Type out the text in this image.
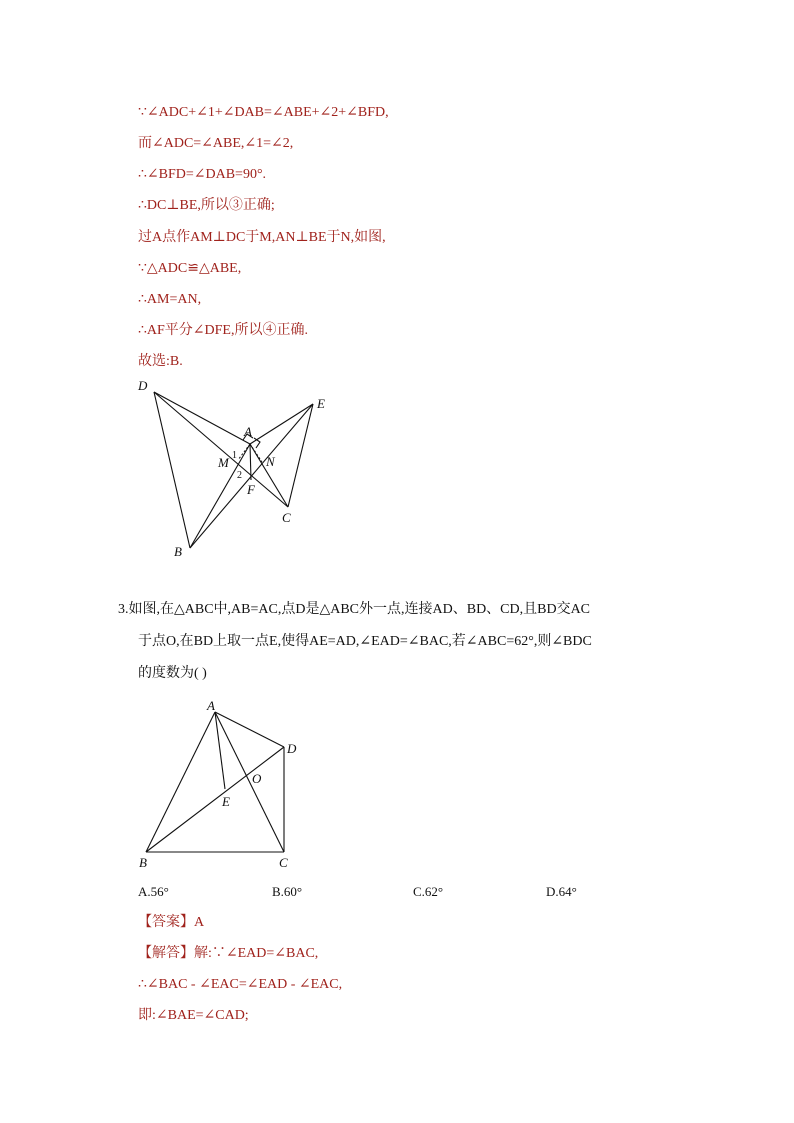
∵∠ADC+∠1+∠DAB=∠ABE+∠2+∠BFD,
而∠ADC=∠ABE,∠1=∠2,
∴∠BFD=∠DAB=90°.
∴DC⊥BE,所以③正确;
过A点作AM⊥DC于M,AN⊥BE于N,如图,
∵△ADC≌△ABE,
∴AM=AN,
∴AF平分∠DFE,所以④正确.
故选:B.
D
E
A
M	N
F
C
B
1
2
3.如图,在△ABC中,AB=AC,点D是△ABC外一点,连接AD、BD、CD,且BD交AC
于点O,在BD上取一点E,使得AE=AD,∠EAD=∠BAC,若∠ABC=62°,则∠BDC
的度数为( )
A
D
O
E
B	C
A.56°	B.60°	C.62°	D.64°
【答案】A
【解答】解:∵∠EAD=∠BAC,
∴∠BAC - ∠EAC=∠EAD - ∠EAC,
即:∠BAE=∠CAD;
